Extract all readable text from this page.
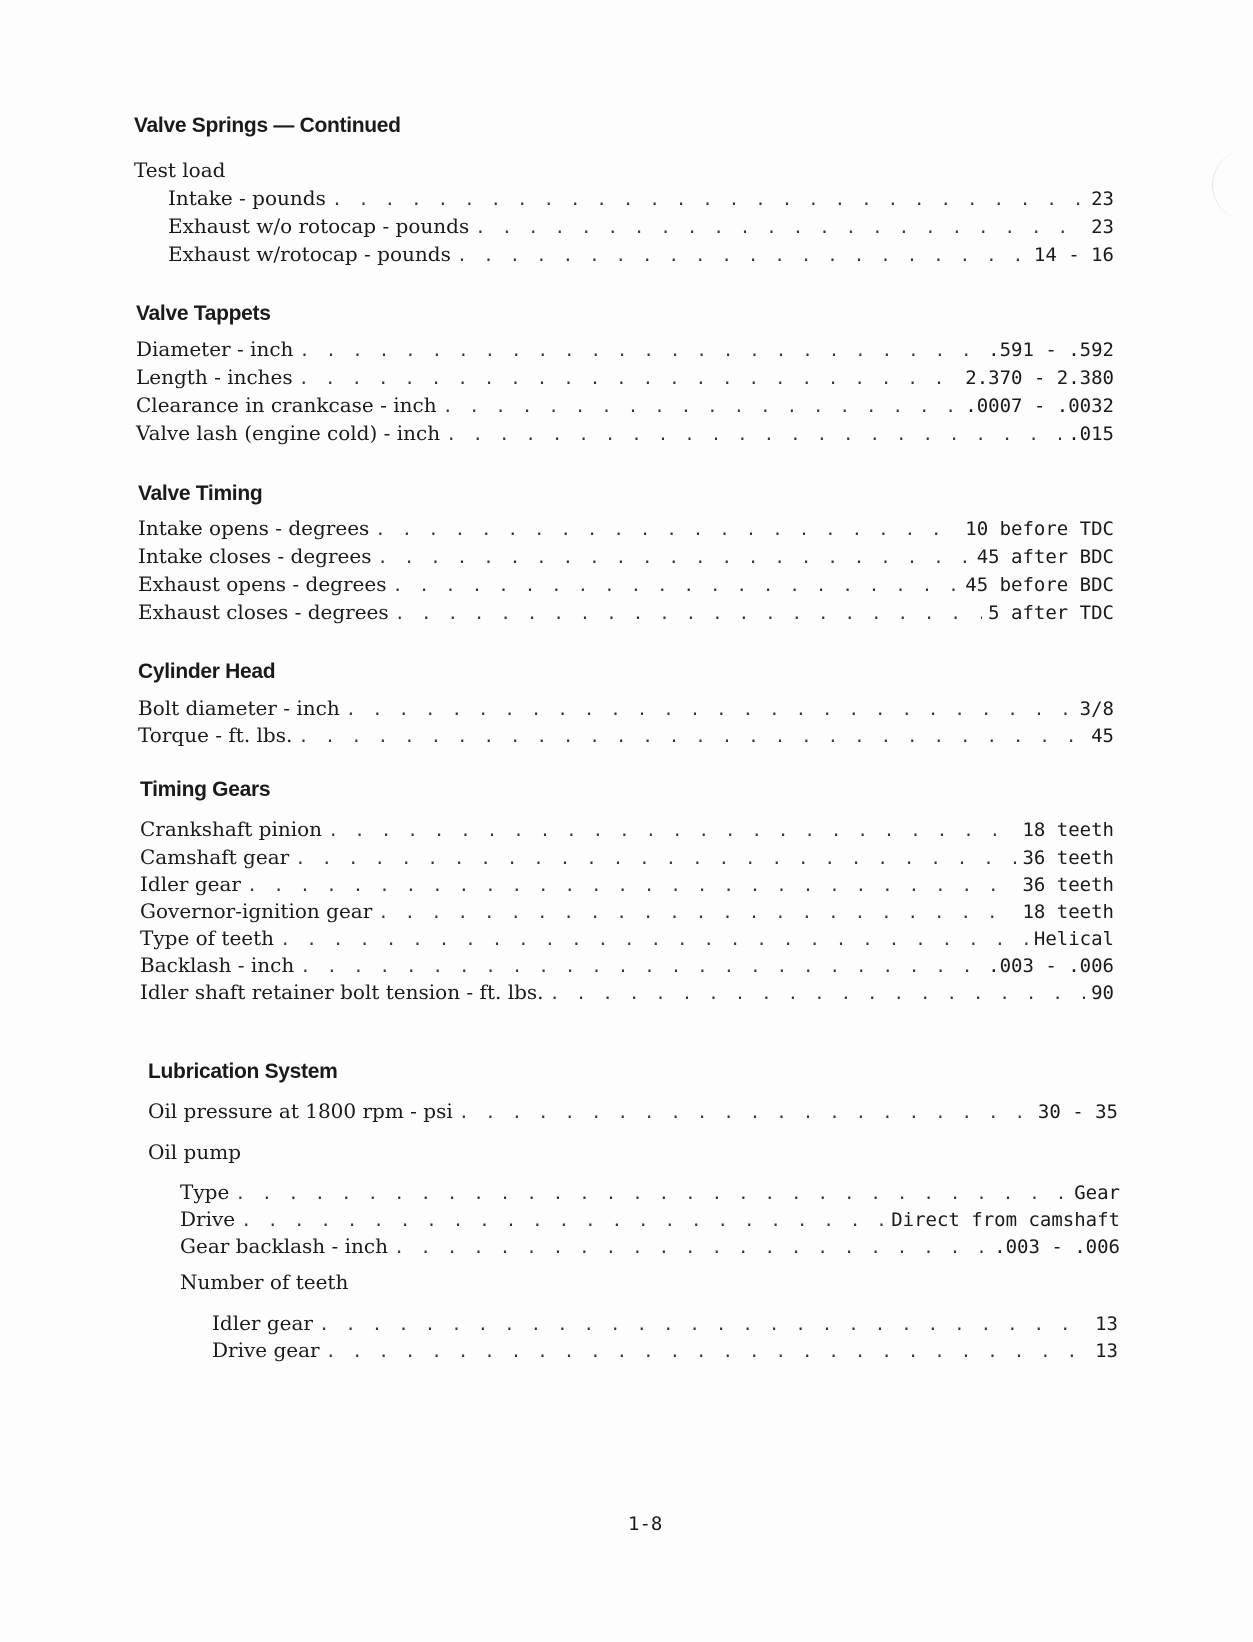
Valve Springs — Continued
Test load
Intake - pounds . . .	23
Exhaust w/o rotocap - pounds . . .	23
Exhaust w/rotocap - pounds . . .	14 - 16
Valve Tappets
Diameter - inch . . .	.591 - .592
Length - inches . . .	2.370 - 2.380
Clearance in crankcase - inch . . .	.0007 - .0032
Valve lash (engine cold) - inch . . .	.015
Valve Timing
Intake opens - degrees . . .	10 before TDC
Intake closes - degrees . . .	45 after BDC
Exhaust opens - degrees . . .	45 before BDC
Exhaust closes - degrees . . .	5 after TDC
Cylinder Head
Bolt diameter - inch . . .	3/8
Torque - ft. lbs. . . .	45
Timing Gears
Crankshaft pinion . . .	18 teeth
Camshaft gear . . .	36 teeth
Idler gear . . .	36 teeth
Governor-ignition gear . . .	18 teeth
Type of teeth . . .	Helical
Backlash - inch . . .	.003 - .006
Idler shaft retainer bolt tension - ft. lbs. . . .	90
Lubrication System
Oil pressure at 1800 rpm - psi . . .	30 - 35
Oil pump
Type . . .	Gear
Drive . . .	Direct from camshaft
Gear backlash - inch . . .	.003 - .006
Number of teeth
Idler gear . . .	13
Drive gear . . .	13
1-8
